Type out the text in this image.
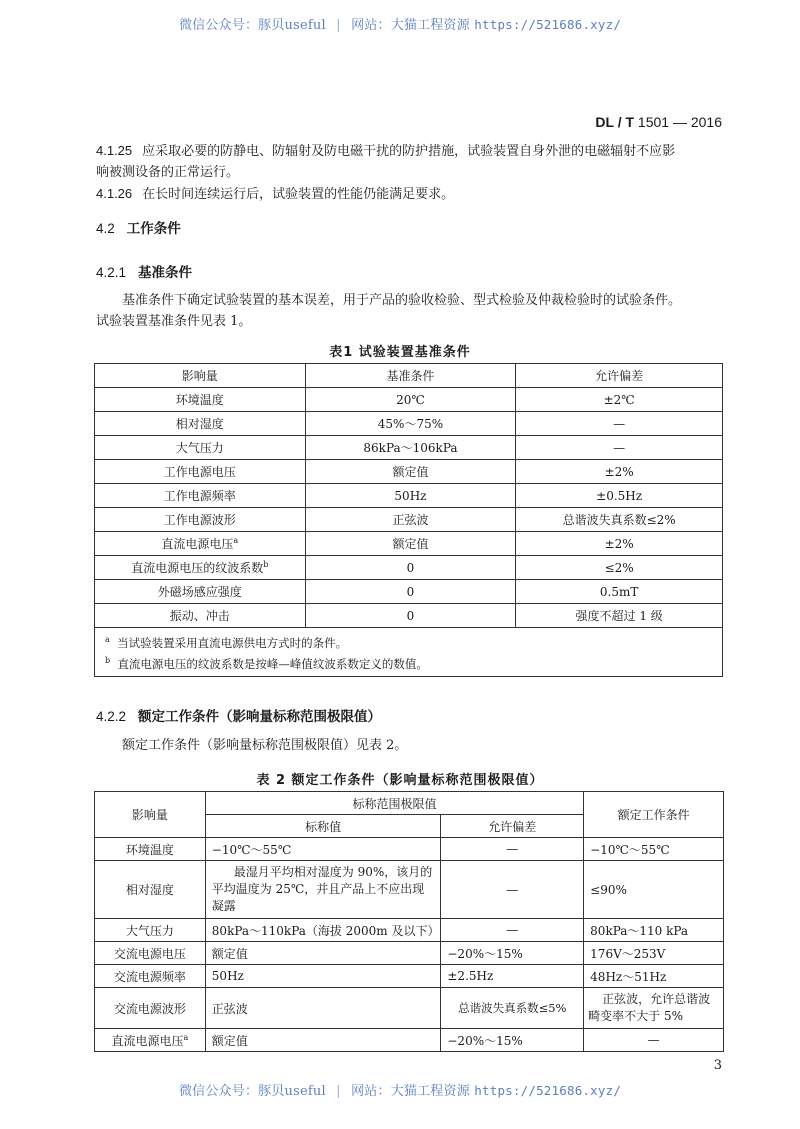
微信公众号：豚贝useful | 网站：大猫工程资源 https://521686.xyz/
DL / T 1501 — 2016
4.1.25 应采取必要的防静电、防辐射及防电磁干扰的防护措施，试验装置自身外泄的电磁辐射不应影
响被测设备的正常运行。
4.1.26 在长时间连续运行后，试验装置的性能仍能满足要求。
4.2 工作条件
4.2.1 基准条件
基准条件下确定试验装置的基本误差，用于产品的验收检验、型式检验及仲裁检验时的试验条件。
试验装置基准条件见表 1。
表1 试验装置基准条件
影响量	基准条件	允许偏差
环境温度	20℃	±2℃
相对湿度	45%～75%	—
大气压力	86kPa～106kPa	—
工作电源电压	额定值	±2%
工作电源频率	50Hz	±0.5Hz
工作电源波形	正弦波	总谐波失真系数≤2%
直流电源电压$^a$	额定值	±2%
直流电源电压的纹波系数$^b$	0	≤2%
外磁场感应强度	0	0.5mT
振动、冲击	0	强度不超过 1 级

$^a$ 当试验装置采用直流电源供电方式时的条件。
$^b$ 直流电源电压的纹波系数是按峰—峰值纹波系数定义的数值。		
4.2.2 额定工作条件（影响量标称范围极限值）
额定工作条件（影响量标称范围极限值）见表 2。
表 2 额定工作条件（影响量标称范围极限值）
影响量	标称范围极限值		额定工作条件
	标称值	允许偏差	
环境温度	−10℃～55℃	—	−10℃～55℃
相对湿度	最湿月平均相对湿度为 90%，该月的平均温度为 25℃，并且产品上不应出现凝露	—	≤90%
大气压力	80kPa～110kPa（海拔 2000m 及以下）	—	80kPa～110 kPa
交流电源电压	额定值	−20%～15%	176V～253V
交流电源频率	50Hz	±2.5Hz	48Hz～51Hz
交流电源波形	正弦波	总谐波失真系数≤5%	正弦波，允许总谐波畸变率不大于 5%
直流电源电压$^a$	额定值	−20%～15%	—
3
微信公众号：豚贝useful | 网站：大猫工程资源 https://521686.xyz/
